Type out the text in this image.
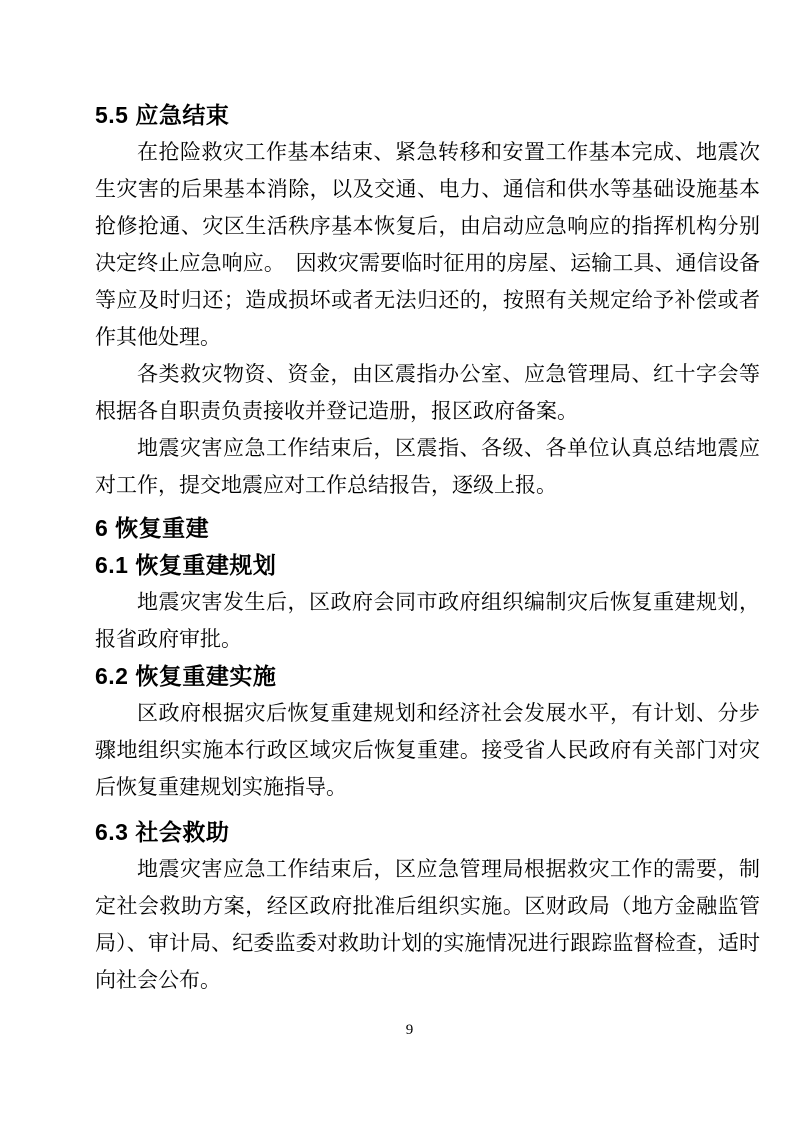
5.5 应急结束

在抢险救灾工作基本结束、紧急转移和安置工作基本完成、地震次生灾害的后果基本消除，以及交通、电力、通信和供水等基础设施基本抢修抢通、灾区生活秩序基本恢复后，由启动应急响应的指挥机构分别决定终止应急响应。　因救灾需要临时征用的房屋、运输工具、通信设备等应及时归还；造成损坏或者无法归还的，按照有关规定给予补偿或者作其他处理。

各类救灾物资、资金，由区震指办公室、应急管理局、红十字会等根据各自职责负责接收并登记造册，报区政府备案。

地震灾害应急工作结束后，区震指、各级、各单位认真总结地震应对工作，提交地震应对工作总结报告，逐级上报。

6 恢复重建
6.1 恢复重建规划

地震灾害发生后，区政府会同市政府组织编制灾后恢复重建规划，报省政府审批。

6.2 恢复重建实施

区政府根据灾后恢复重建规划和经济社会发展水平，有计划、分步骤地组织实施本行政区域灾后恢复重建。接受省人民政府有关部门对灾后恢复重建规划实施指导。

6.3 社会救助

地震灾害应急工作结束后，区应急管理局根据救灾工作的需要，制定社会救助方案，经区政府批准后组织实施。区财政局（地方金融监管局）、审计局、纪委监委对救助计划的实施情况进行跟踪监督检查，适时向社会公布。

9
